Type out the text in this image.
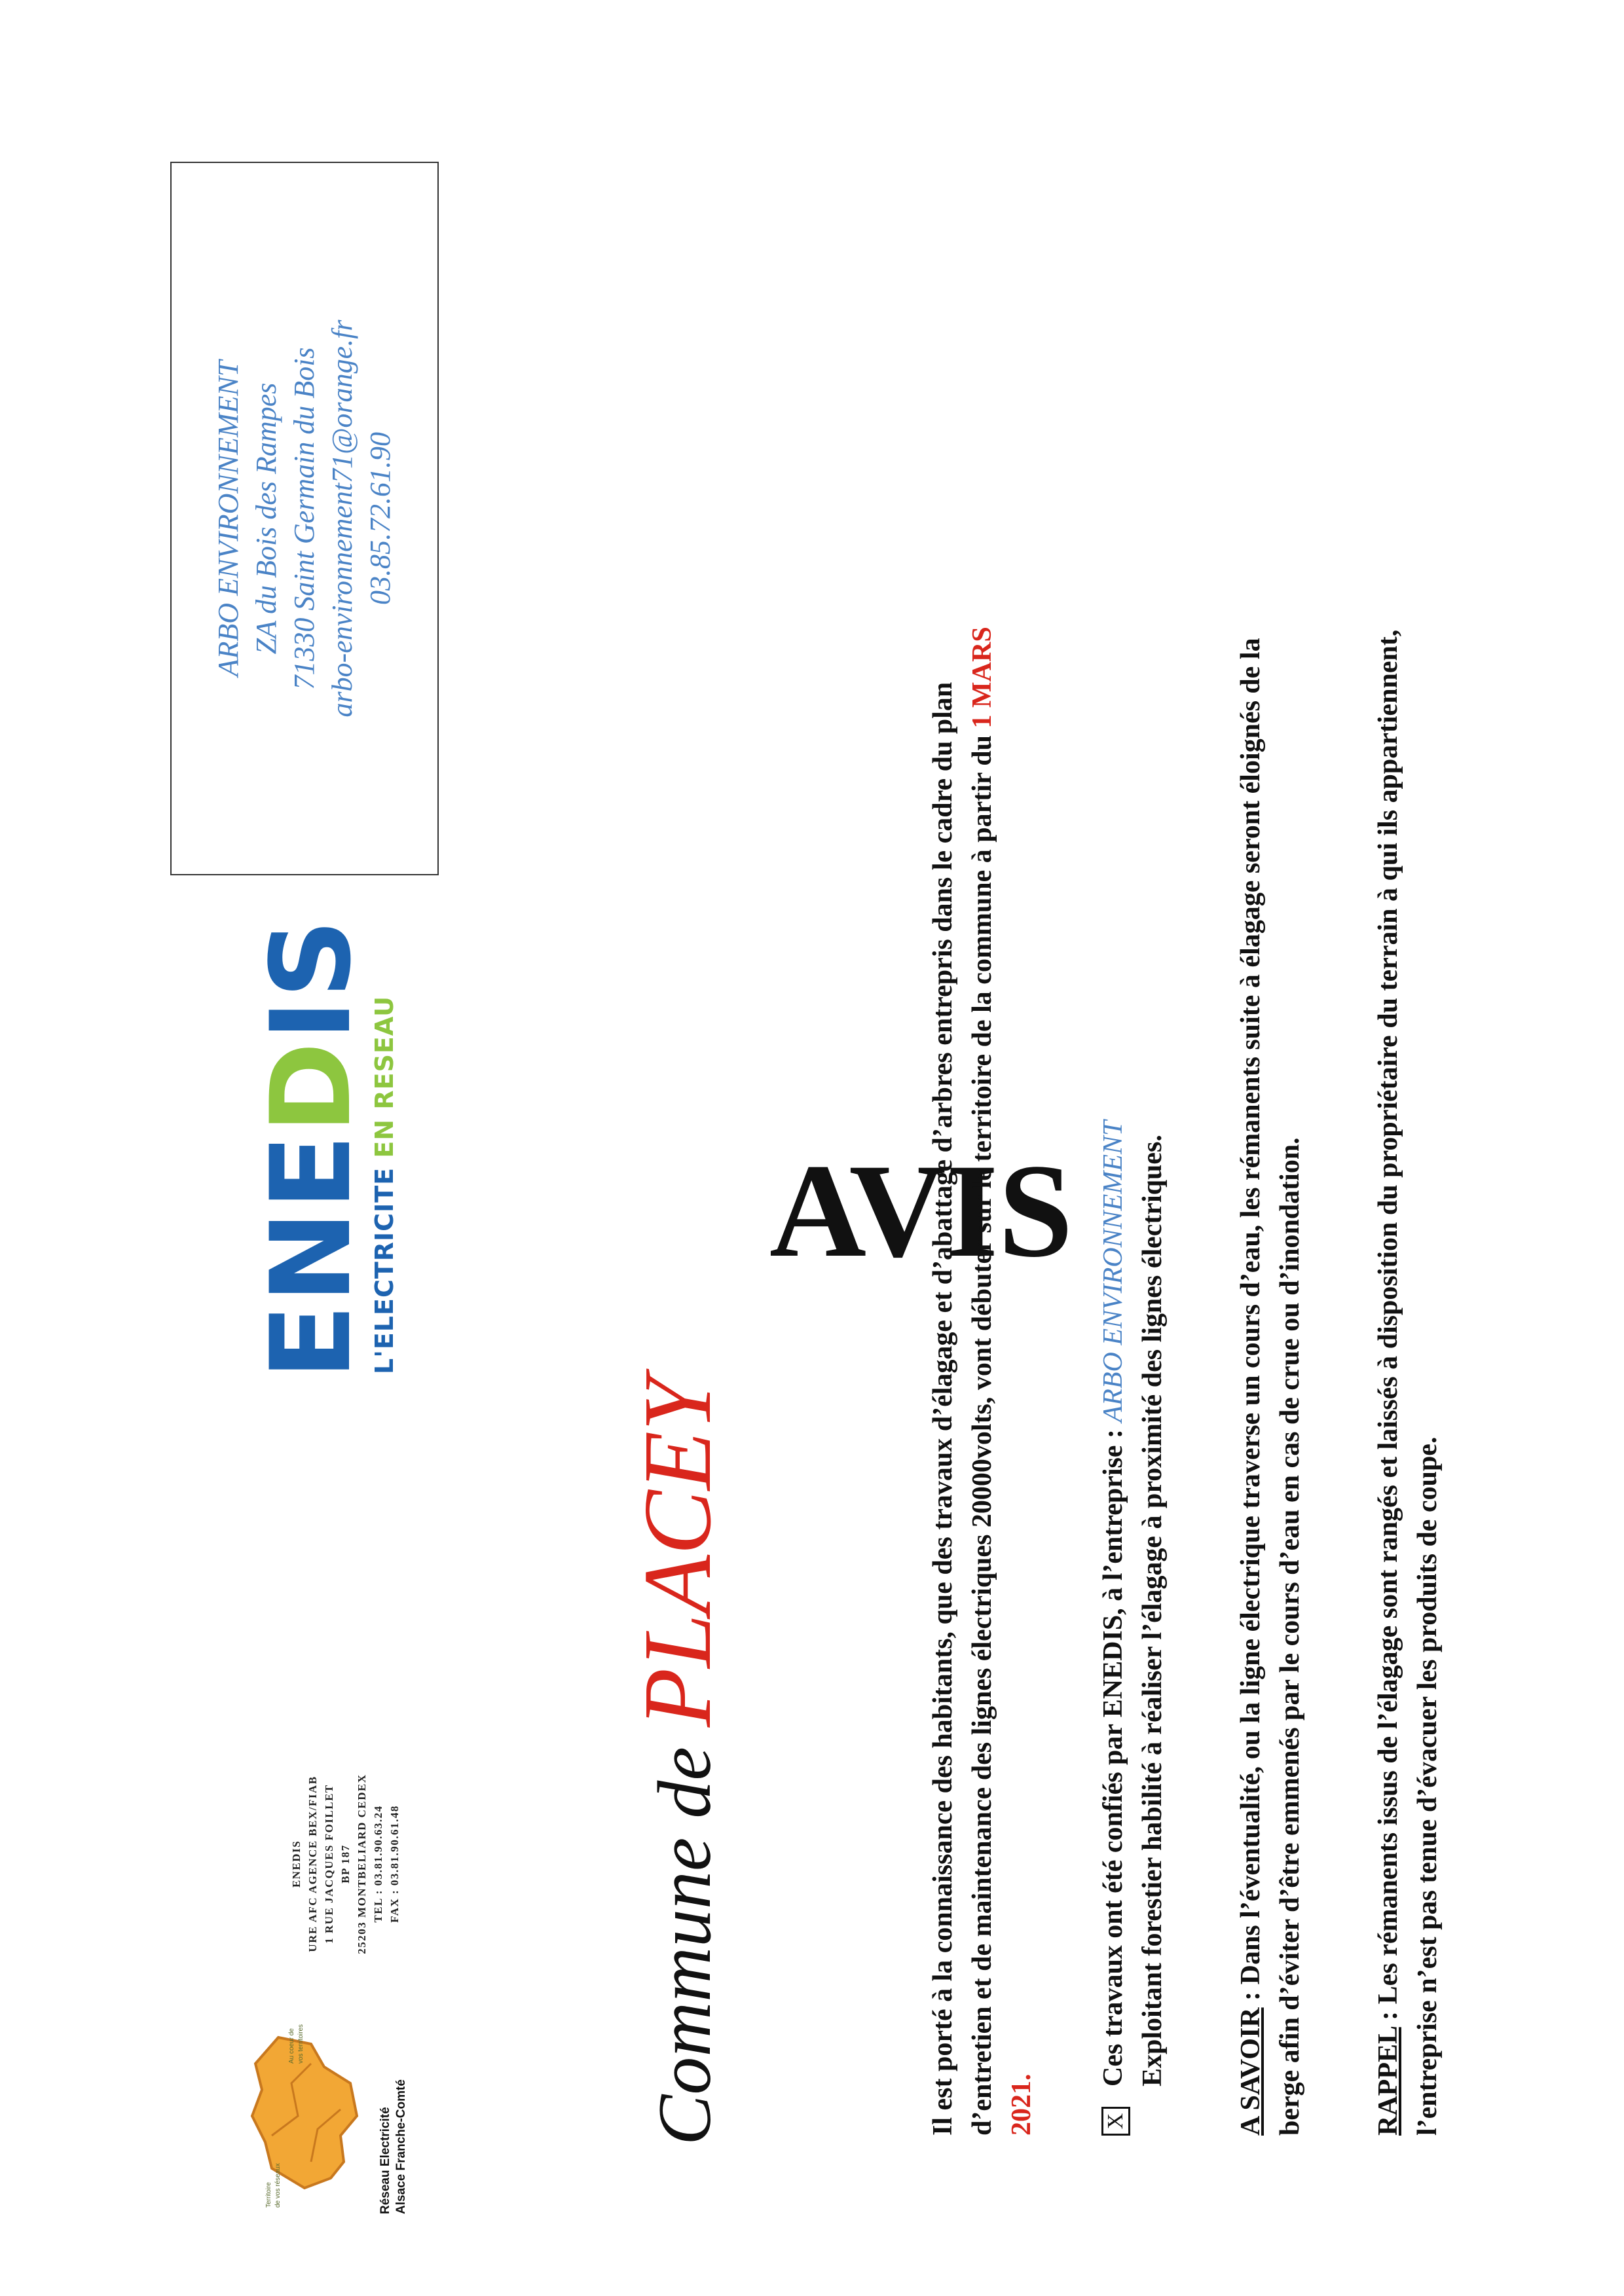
Territoire de vos réseaux
Au coeur de vos territoires
Réseau Electricité Alsace Franche-Comté
ENEDIS URE AFC AGENCE BEX/FIAB 1 RUE JACQUES FOILLET BP 187 25203 MONTBELIARD CEDEX TEL : 03.81.90.63.24 FAX : 03.81.90.61.48
ENEDIS
L'ELECTRICITE EN RESEAU
ARBO ENVIRONNEMENT ZA du Bois des Rampes 71330 Saint Germain du Bois arbo-environnement71@orange.fr 03.85.72.61.90
Commune dePLACEY
AVIS
Il est porté à la connaissance des habitants, que des travaux d’élagage et d’abattage d’arbres entrepris dans le cadre du plan d’entretien et de maintenance des lignes électriques 20000volts, vont débuter sur le territoire de la commune à partir du 1 MARS
2021.	X
Ces travaux ont été confiés par ENEDIS, à l’entreprise : ARBO ENVIRONNEMENT Exploitant forestier habilité à réaliser l’élagage à proximité des lignes électriques. A SAVOIR : Dans l’éventualité, ou la ligne électrique traverse un cours d’eau, les rémanents suite à élagage seront éloignés de la berge afin d’éviter d’être emmenés par le cours d’eau en cas de crue ou d’inondation. RAPPEL : Les rémanents issus de l’élagage sont rangés et laissés à disposition du propriétaire du terrain à qui ils appartiennent, l’entreprise n’est pas tenue d’évacuer les produits de coupe.
